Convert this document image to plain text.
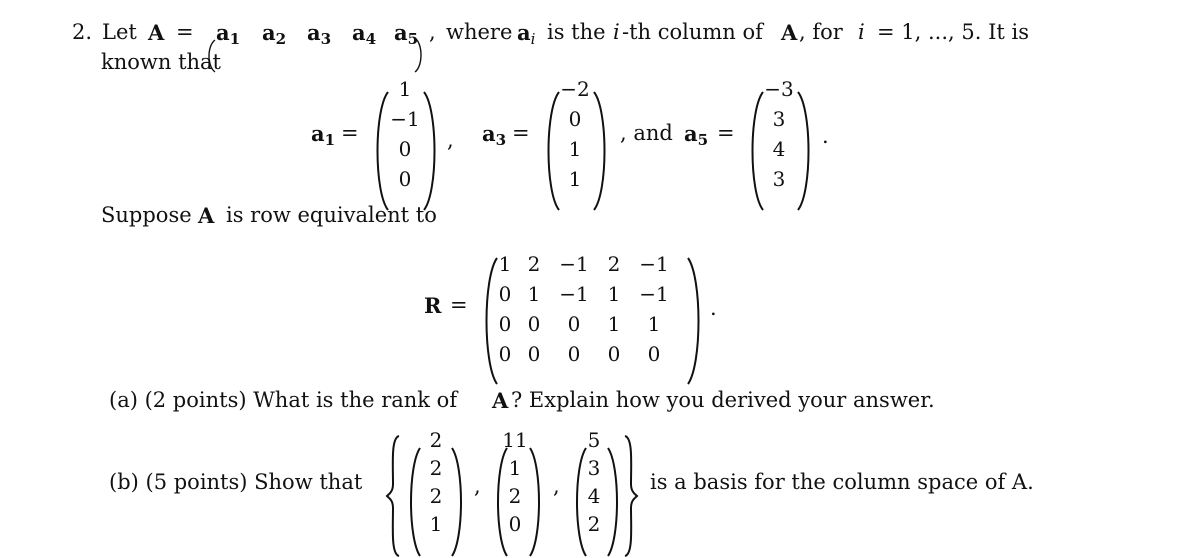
2. Let $A = a_1$ $a_2$ $a_3$ $a_4$ $a_5$ , where $a_i$ is the i -th column of A , for i = 1, ..., 5. It is
known that
$a_1$ =
1
−1
0
0
, $a_3$ =
−2
0
1
1
, and $a_5$ =
−3
3
4
3
.
Suppose A is row equivalent to
R =
1 2 −1 2 −1
0 1 −1 1 −1
0 0 0 1 1
0 0 0 0 0
.
(a) (2 points) What is the rank of A ? Explain how you derived your answer.
(b) (5 points) Show that
2
2
2
1
,
11
1
2
0
,
5
3
4
2
is a basis for the column space of A.
